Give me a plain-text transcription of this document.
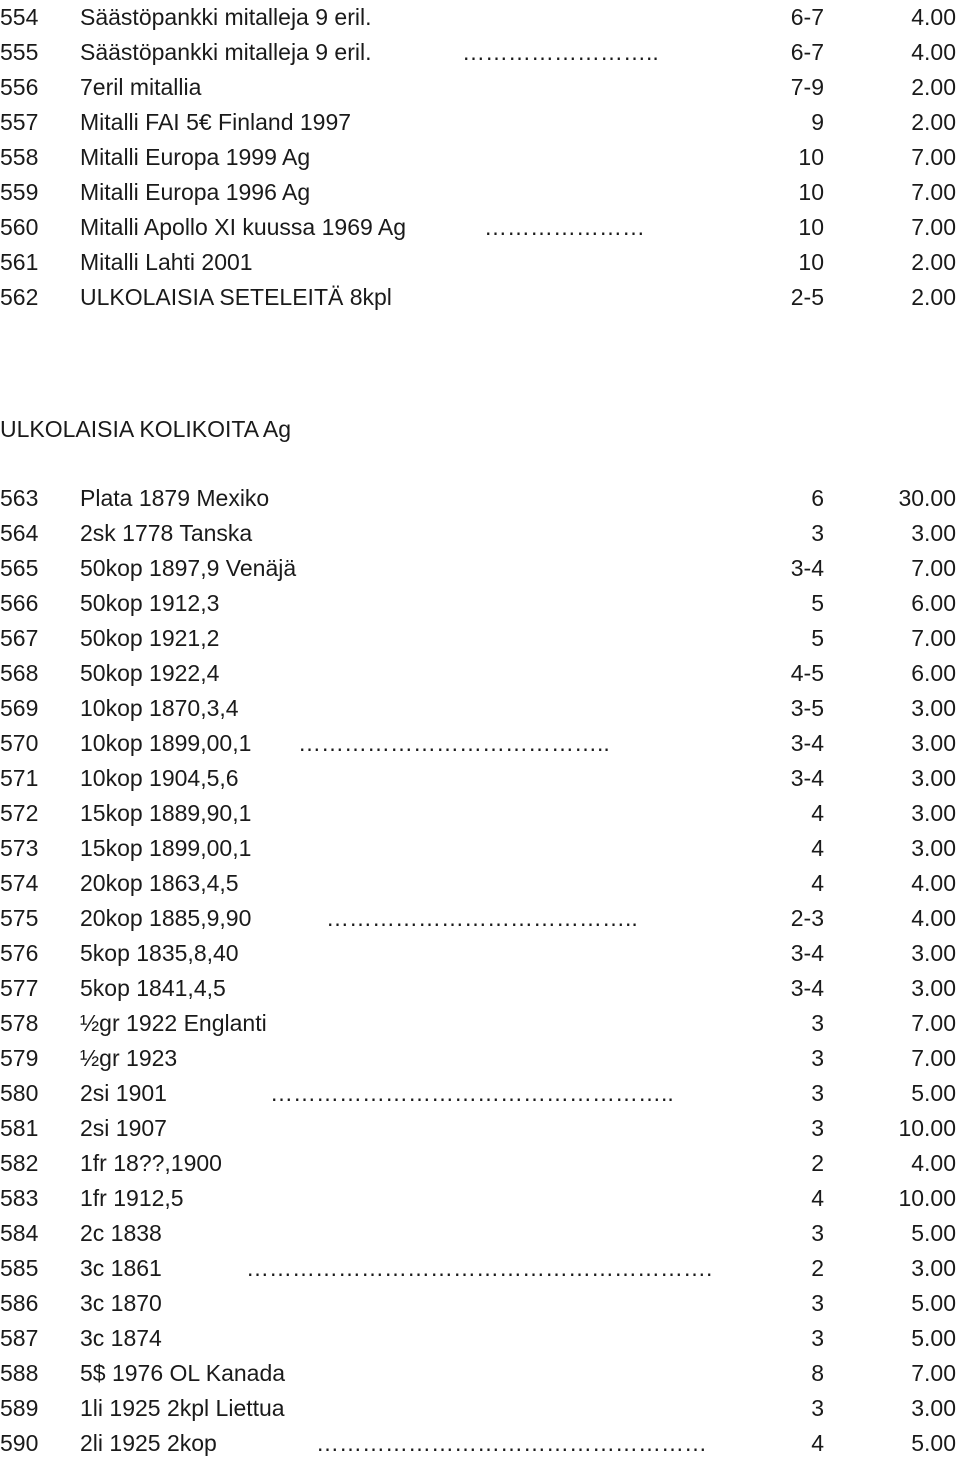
554	Säästöpankki mitalleja 9 eril.	6-7	4.00
555	Säästöpankki mitalleja 9 eril.	……………………..	6-7	4.00
556	7eril mitallia	7-9	2.00
557	Mitalli FAI 5€ Finland 1997	9	2.00
558	Mitalli Europa 1999 Ag	10	7.00
559	Mitalli Europa 1996 Ag	10	7.00
560	Mitalli Apollo XI kuussa 1969 Ag	…………………	10	7.00
561	Mitalli Lahti 2001	10	2.00
562	ULKOLAISIA SETELEITÄ 8kpl	2-5	2.00
ULKOLAISIA KOLIKOITA Ag
563	Plata 1879 Mexiko	6	30.00
564	2sk 1778 Tanska	3	3.00
565	50kop 1897,9 Venäjä	3-4	7.00
566	50kop 1912,3	5	6.00
567	50kop 1921,2	5	7.00
568	50kop 1922,4	4-5	6.00
569	10kop 1870,3,4	3-5	3.00
570	10kop 1899,00,1 …………………………………..	3-4	3.00
571	10kop 1904,5,6	3-4	3.00
572	15kop 1889,90,1	4	3.00
573	15kop 1899,00,1	4	3.00
574	20kop 1863,4,5	4	4.00
575	20kop 1885,9,90	…………………………………..	2-3	4.00
576	5kop 1835,8,40	3-4	3.00
577	5kop 1841,4,5	3-4	3.00
578	½gr 1922 Englanti	3	7.00
579	½gr 1923	3	7.00
580	2si 1901	……………………………………………..	3	5.00
581	2si 1907	3	10.00
582	1fr 18??,1900	2	4.00
583	1fr 1912,5	4	10.00
584	2c 1838	3	5.00
585	3c 1861	…………………………………………………….	2	3.00
586	3c 1870	3	5.00
587	3c 1874	3	5.00
588	5$ 1976 OL Kanada	8	7.00
589	1li 1925 2kpl Liettua	3	3.00
590	2li 1925 2kop	……………………………………………	4	5.00
